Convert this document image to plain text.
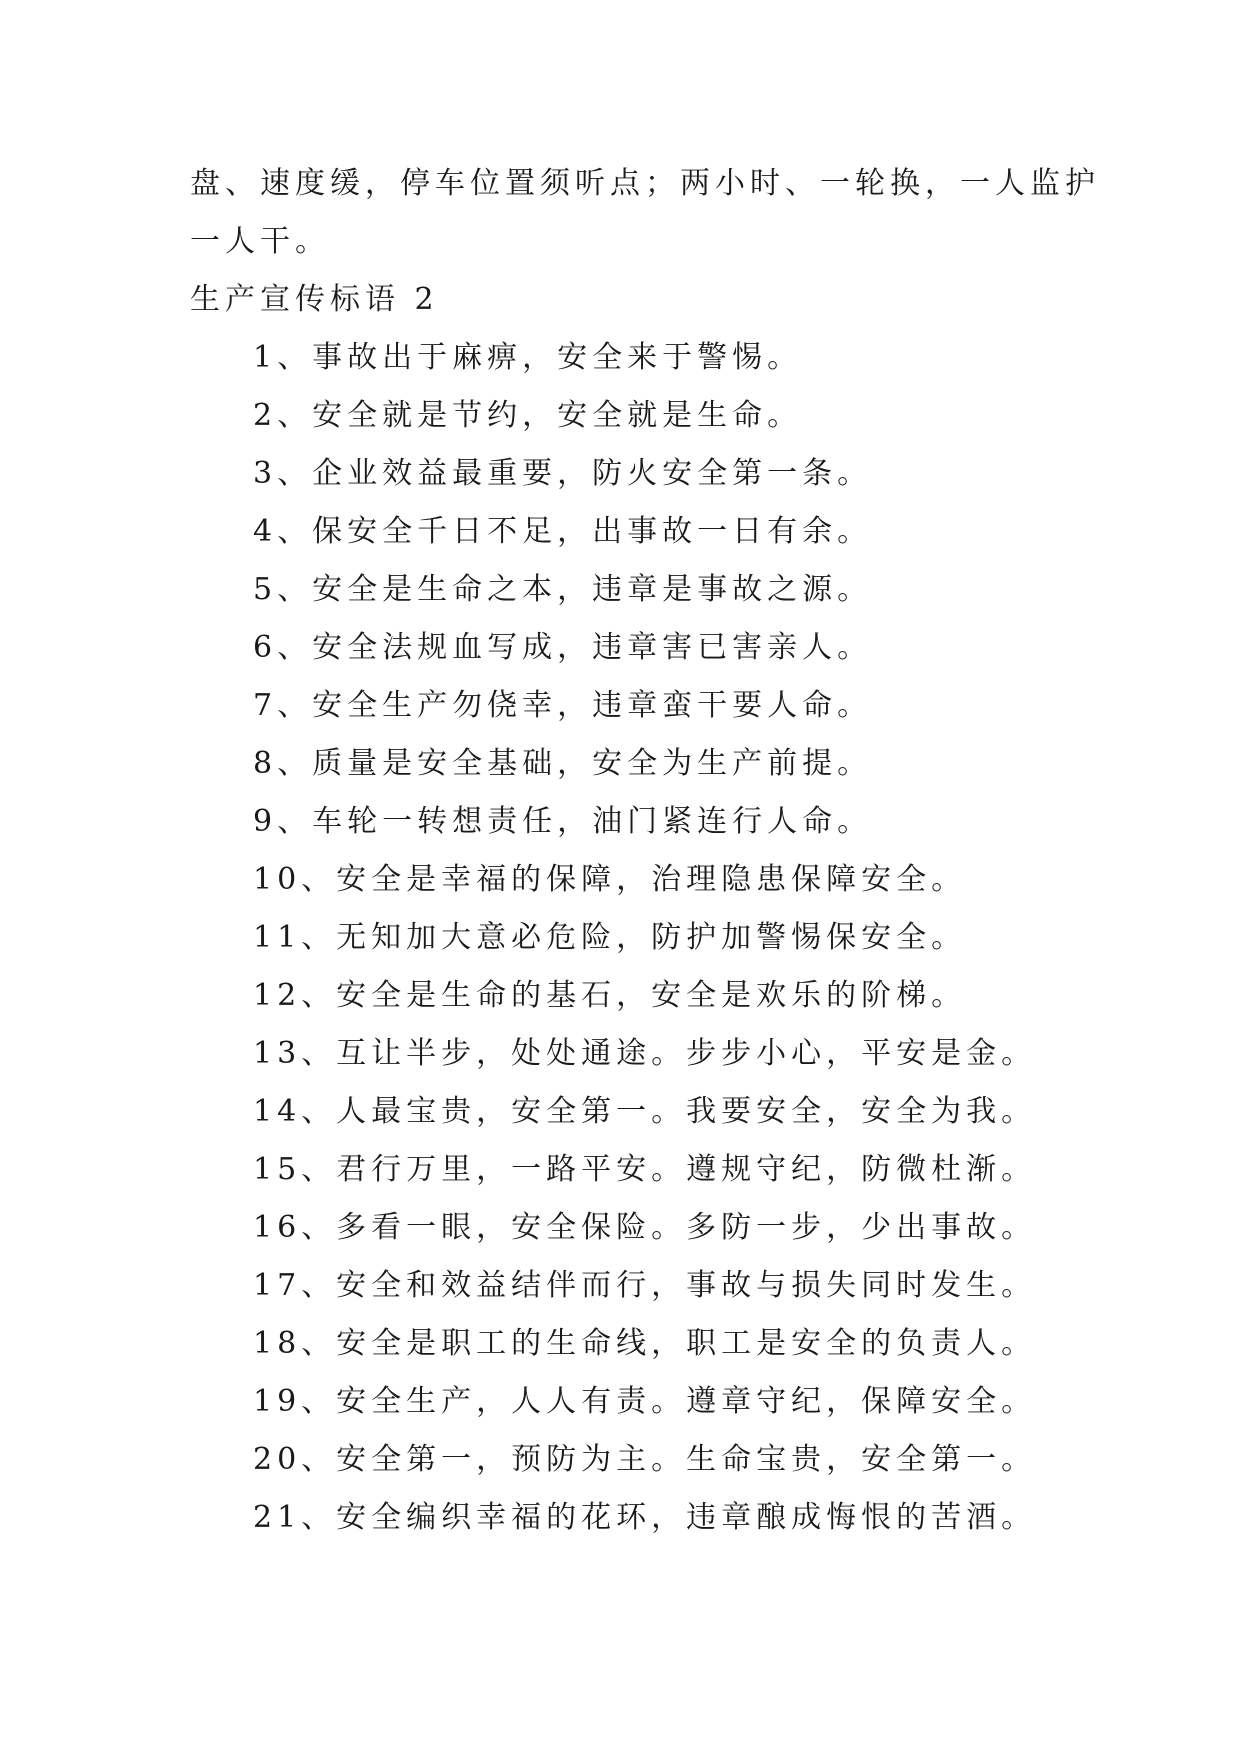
盘、速度缓，停车位置须听点；两小时、一轮换，一人监护
一人干。
生产宣传标语 2
1、事故出于麻痹，安全来于警惕。
2、安全就是节约，安全就是生命。
3、企业效益最重要，防火安全第一条。
4、保安全千日不足，出事故一日有余。
5、安全是生命之本，违章是事故之源。
6、安全法规血写成，违章害已害亲人。
7、安全生产勿侥幸，违章蛮干要人命。
8、质量是安全基础，安全为生产前提。
9、车轮一转想责任，油门紧连行人命。
10、安全是幸福的保障，治理隐患保障安全。
11、无知加大意必危险，防护加警惕保安全。
12、安全是生命的基石，安全是欢乐的阶梯。
13、互让半步，处处通途。步步小心，平安是金。
14、人最宝贵，安全第一。我要安全，安全为我。
15、君行万里，一路平安。遵规守纪，防微杜渐。
16、多看一眼，安全保险。多防一步，少出事故。
17、安全和效益结伴而行，事故与损失同时发生。
18、安全是职工的生命线，职工是安全的负责人。
19、安全生产，人人有责。遵章守纪，保障安全。
20、安全第一，预防为主。生命宝贵，安全第一。
21、安全编织幸福的花环，违章酿成悔恨的苦酒。
